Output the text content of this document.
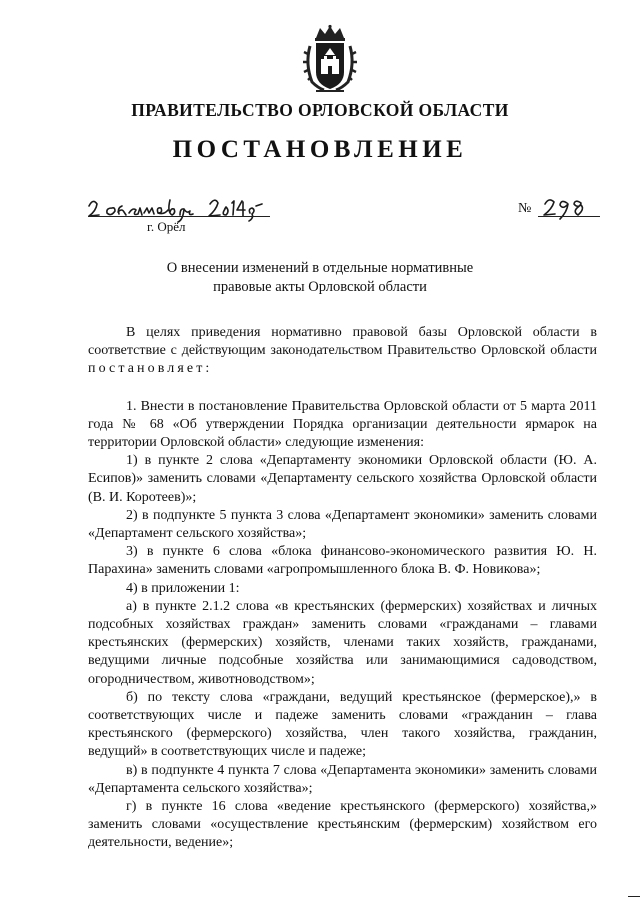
ПРАВИТЕЛЬСТВО ОРЛОВСКОЙ ОБЛАСТИ
ПОСТАНОВЛЕНИЕ
г. Орёл
№
О внесении изменений в отдельные нормативные
правовые акты Орловской области

В целях приведения нормативно правовой базы Орловской области в соответствие с действующим законодательством Правительство Орловской области постановляет:

1. Внести в постановление Правительства Орловской области от 5 марта 2011 года № 68 «Об утверждении Порядка организации деятельности ярмарок на территории Орловской области» следующие изменения:

1) в пункте 2 слова «Департаменту экономики Орловской области (Ю. А. Есипов)» заменить словами «Департаменту сельского хозяйства Орловской области (В. И. Коротеев)»;

2) в подпункте 5 пункта 3 слова «Департамент экономики» заменить словами «Департамент сельского хозяйства»;

3) в пункте 6 слова «блока финансово-экономического развития Ю. Н. Парахина» заменить словами «агропромышленного блока В. Ф. Новикова»;

4) в приложении 1:

а) в пункте 2.1.2 слова «в крестьянских (фермерских) хозяйствах и личных подсобных хозяйствах граждан» заменить словами «гражданами – главами крестьянских (фермерских) хозяйств, членами таких хозяйств, гражданами, ведущими личные подсобные хозяйства или занимающимися садоводством, огородничеством, животноводством»;

б) по тексту слова «граждани, ведущий крестьянское (фермерское),» в соответствующих числе и падеже заменить словами «гражданин – глава крестьянского (фермерского) хозяйства, член такого хозяйства, гражданин, ведущий» в соответствующих числе и падеже;

в) в подпункте 4 пункта 7 слова «Департамента экономики» заменить словами «Департамента сельского хозяйства»;

г) в пункте 16 слова «ведение крестьянского (фермерского) хозяйства,» заменить словами «осуществление крестьянским (фермерским) хозяйством его деятельности, ведение»;
